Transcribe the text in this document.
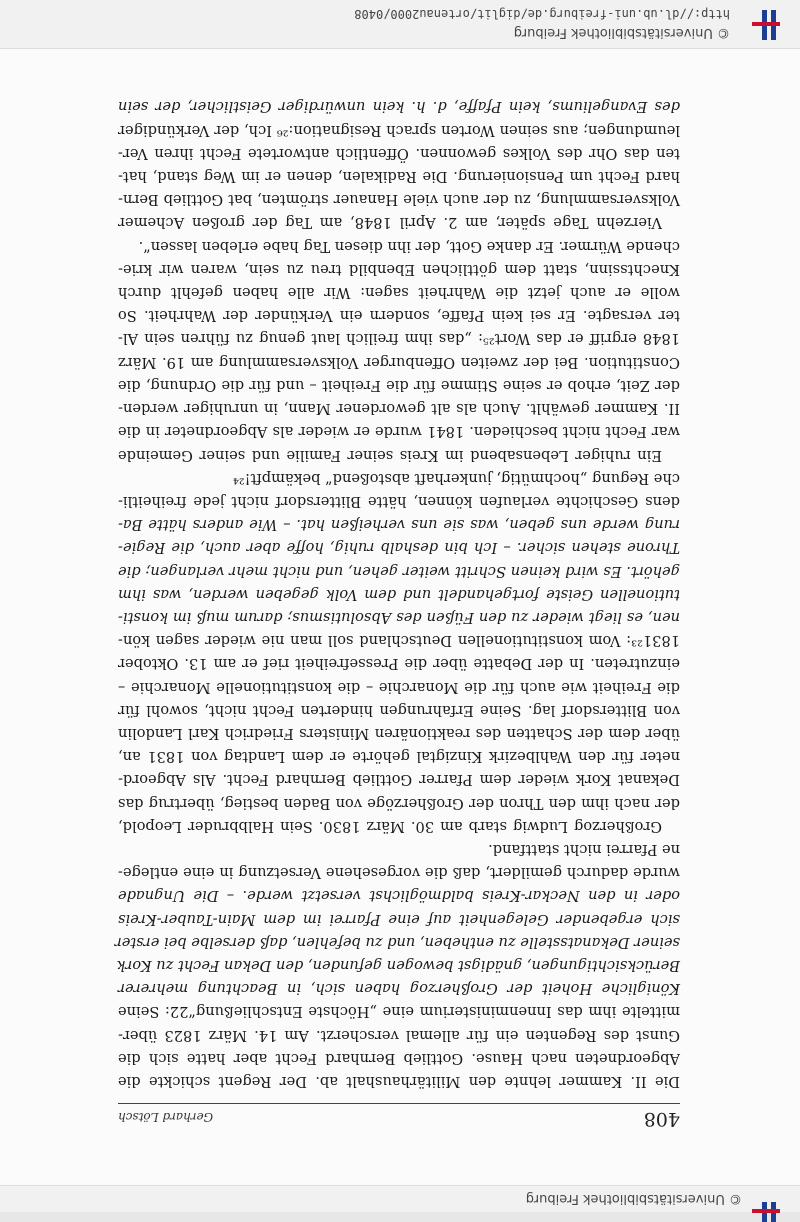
© Universitätsbibliothek Freiburg
408
Gerhard Lötsch
Die II. Kammer lehnte den Militärhaushalt ab. Der Regent schickte die
Abgeordneten nach Hause. Gottlieb Bernhard Fecht aber hatte sich die
Gunst des Regenten ein für allemal verscherzt. Am 14. März 1823 über-
mittelte ihm das Innenministerium eine „Höchste Entschließung“22: Seine
Königliche Hoheit der Großherzog haben sich, in Beachtung mehrerer
Berücksichtigungen, gnädigst bewogen gefunden, den Dekan Fecht zu Kork
seiner Dekanatsstelle zu entheben, und zu befehlen, daß derselbe bei erster
sich ergebender Gelegenheit auf eine Pfarrei im dem Main-Tauber-Kreis
oder in den Neckar-Kreis baldmöglichst versetzt werde. – Die Ungnade
wurde dadurch gemildert, daß die vorgesehene Versetzung in eine entlege-
ne Pfarrei nicht stattfand.
Großherzog Ludwig starb am 30. März 1830. Sein Halbbruder Leopold,
der nach ihm den Thron der Großherzöge von Baden bestieg, übertrug das
Dekanat Kork wieder dem Pfarrer Gottlieb Bernhard Fecht. Als Abgeord-
neter für den Wahlbezirk Kinzigtal gehörte er dem Landtag von 1831 an,
über dem der Schatten des reaktionären Ministers Friedrich Karl Landolin
von Blittersdorf lag. Seine Erfahrungen hinderten Fecht nicht, sowohl für
die Freiheit wie auch für die Monarchie – die konstitutionelle Monarchie –
einzutreten. In der Debatte über die Pressefreiheit rief er am 13. Oktober
1831²³: Vom konstitutionellen Deutschland soll man nie wieder sagen kön-
nen, es liegt wieder zu den Füßen des Absolutismus; darum muß im konsti-
tutionellen Geiste fortgehandelt und dem Volk gegeben werden, was ihm
gehört. Es wird keinen Schritt weiter gehen, und nicht mehr verlangen; die
Throne stehen sicher. – Ich bin deshalb ruhig, hoffe aber auch, die Regie-
rung werde uns geben, was sie uns verheißen hat. – Wie anders hätte Ba-
dens Geschichte verlaufen können, hätte Blittersdorf nicht jede freiheitli-
che Regung „hochmütig, junkerhaft abstoßend“ bekämpft!²⁴
Ein ruhiger Lebensabend im Kreis seiner Familie und seiner Gemeinde
war Fecht nicht beschieden. 1841 wurde er wieder als Abgeordneter in die
II. Kammer gewählt. Auch als alt gewordener Mann, in unruhiger werden-
der Zeit, erhob er seine Stimme für die Freiheit – und für die Ordnung, die
Constitution. Bei der zweiten Offenburger Volksversammlung am 19. März
1848 ergriff er das Wort²⁵: „das ihm freilich laut genug zu führen sein Al-
ter versagte. Er sei kein Pfaffe, sondern ein Verkünder der Wahrheit. So
wolle er auch jetzt die Wahrheit sagen: Wir alle haben gefehlt durch
Knechtssinn, statt dem göttlichen Ebenbild treu zu sein, waren wir krie-
chende Würmer. Er danke Gott, der ihn diesen Tag habe erleben lassen“.
Vierzehn Tage später, am 2. April 1848, am Tag der großen Achemer
Volksversammlung, zu der auch viele Hanauer strömten, bat Gottlieb Bern-
hard Fecht um Pensionierung. Die Radikalen, denen er im Weg stand, hat-
ten das Ohr des Volkes gewonnen. Öffentlich antwortete Fecht ihren Ver-
leumdungen; aus seinen Worten sprach Resignation:²⁶ Ich, der Verkündiger
des Evangeliums, kein Pfaffe, d. h. kein unwürdiger Geistlicher, der sein
© Universitätsbibliothek Freiburg
http://dl.ub.uni-freiburg.de/diglit/ortenau2000/0408
